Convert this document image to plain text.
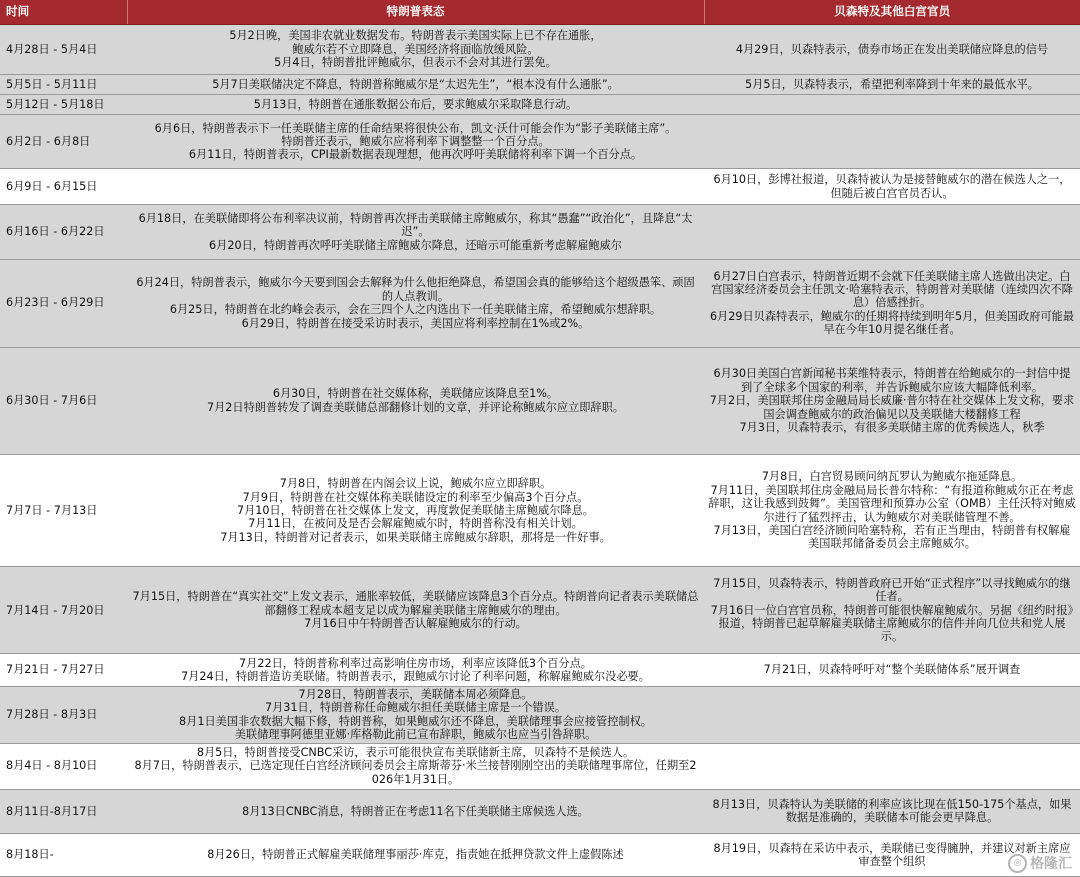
时间	特朗普表态	贝森特及其他白宫官员
4月28日 - 5月4日	5月2日晚，美国非农就业数据发布。特朗普表示美国实际上已不存在通胀，
鲍威尔若不立即降息，美国经济将面临放缓风险。
5月4日，特朗普批评鲍威尔，但表示不会对其进行罢免。	4月29日，贝森特表示，债券市场正在发出美联储应降息的信号

5月5日 - 5月11日	5月7日美联储决定不降息，特朗普称鲍威尔是“太迟先生”，“根本没有什么通胀”。	5月5日，贝森特表示，希望把利率降到十年来的最低水平。

5月12日 - 5月18日	5月13日，特朗普在通胀数据公布后，要求鲍威尔采取降息行动。	

6月2日 - 6月8日	6月6日，特朗普表示下一任美联储主席的任命结果将很快公布，凯文·沃什可能会作为“影子美联储主席”。
特朗普还表示，鲍威尔应将利率下调整整一个百分点。
6月11日，特朗普表示，CPI最新数据表现理想，他再次呼吁美联储将利率下调一个百分点。	

6月9日 - 6月15日		6月10日，彭博社报道，贝森特被认为是接替鲍威尔的潜在候选人之一，但随后被白宫官员否认。

6月16日 - 6月22日	6月18日，在美联储即将公布利率决议前，特朗普再次抨击美联储主席鲍威尔，称其“愚蠢”“政治化”，且降息“太迟”。
6月20日，特朗普再次呼吁美联储主席鲍威尔降息，还暗示可能重新考虑解雇鲍威尔	

6月23日 - 6月29日	6月24日，特朗普表示，鲍威尔今天要到国会去解释为什么他拒绝降息，希望国会真的能够给这个超级愚笨、顽固的人点教训。
6月25日，特朗普在北约峰会表示，会在三四个人之内选出下一任美联储主席，希望鲍威尔想辞职。
6月29日，特朗普在接受采访时表示，美国应将利率控制在1%或2%。	6月27日白宫表示，特朗普近期不会就下任美联储主席人选做出决定。白宫国家经济委员会主任凯文·哈塞特表示，特朗普对美联储（连续四次不降息）倍感挫折。
6月29日贝森特表示，鲍威尔的任期将持续到明年5月，但美国政府可能最早在今年10月提名继任者。

6月30日 - 7月6日	6月30日，特朗普在社交媒体称，美联储应该降息至1%。
7月2日特朗普转发了调查美联储总部翻修计划的文章，并评论称鲍威尔应立即辞职。	6月30日美国白宫新闻秘书莱维特表示，特朗普在给鲍威尔的一封信中提到了全球多个国家的利率，并告诉鲍威尔应该大幅降低利率。
7月2日，美国联邦住房金融局局长威廉·普尔特在社交媒体上发文称，要求国会调查鲍威尔的政治偏见以及美联储大楼翻修工程
7月3日，贝森特表示，有很多美联储主席的优秀候选人，秋季

7月7日 - 7月13日	7月8日，特朗普在内阁会议上说，鲍威尔应立即辞职。
7月9日，特朗普在社交媒体称美联储设定的利率至少偏高3个百分点。
7月10日，特朗普在社交媒体上发文，再度敦促美联储主席鲍威尔降息。
7月11日，在被问及是否会解雇鲍威尔时，特朗普称没有相关计划。
7月13日，特朗普对记者表示，如果美联储主席鲍威尔辞职，那将是一件好事。	7月8日，白宫贸易顾问纳瓦罗认为鲍威尔拖延降息。
7月11日，美国联邦住房金融局局长普尔特称：“有报道称鲍威尔正在考虑辞职，这让我感到鼓舞”。美国管理和预算办公室（OMB）主任沃特对鲍威尔进行了猛烈抨击，认为鲍威尔对美联储管理不善。
7月13日，美国白宫经济顾问哈塞特称，若有正当理由，特朗普有权解雇美国联邦储备委员会主席鲍威尔。

7月14日 - 7月20日	7月15日，特朗普在“真实社交”上发文表示，通胀率较低，美联储应该降息3个百分点。特朗普向记者表示美联储总部翻修工程成本超支足以成为解雇美联储主席鲍威尔的理由。
7月16日中午特朗普否认解雇鲍威尔的行动。	7月15日，贝森特表示，特朗普政府已开始“正式程序”以寻找鲍威尔的继任者。
7月16日一位白宫官员称，特朗普可能很快解雇鲍威尔。另据《纽约时报》报道，特朗普已起草解雇美联储主席鲍威尔的信件并向几位共和党人展示。

7月21日 - 7月27日	7月22日，特朗普称利率过高影响住房市场，利率应该降低3个百分点。
7月24日，特朗普造访美联储。特朗普表示，跟鲍威尔讨论了利率问题，称解雇鲍威尔没必要。	7月21日，贝森特呼吁对“整个美联储体系”展开调查

7月28日 - 8月3日	7月28日，特朗普表示，美联储本周必须降息。
7月31日，特朗普称任命鲍威尔担任美联储主席是一个错误。
8月1日美国非农数据大幅下修，特朗普称，如果鲍威尔还不降息，美联储理事会应接管控制权。
美联储理事阿德里亚娜·库格勒此前已宣布辞职，鲍威尔也应当引咎辞职。	

8月4日 - 8月10日	8月5日，特朗普接受CNBC采访，表示可能很快宣布美联储新主席，贝森特不是候选人。
8月7日，特朗普表示，已选定现任白宫经济顾问委员会主席斯蒂芬·米兰接替刚刚空出的美联储理事席位，任期至2026年1月31日。	

8月11日-8月17日	8月13日CNBC消息，特朗普正在考虑11名下任美联储主席候选人选。	8月13日，贝森特认为美联储的利率应该比现在低150-175个基点，如果数据是准确的，美联储本可能会更早降息。

8月18日-	8月26日，特朗普正式解雇美联储理事丽莎·库克，指责她在抵押贷款文件上虚假陈述	8月19日，贝森特在采访中表示，美联储已变得臃肿，并建议对新主席应审查整个组织	◎ 格隆汇
